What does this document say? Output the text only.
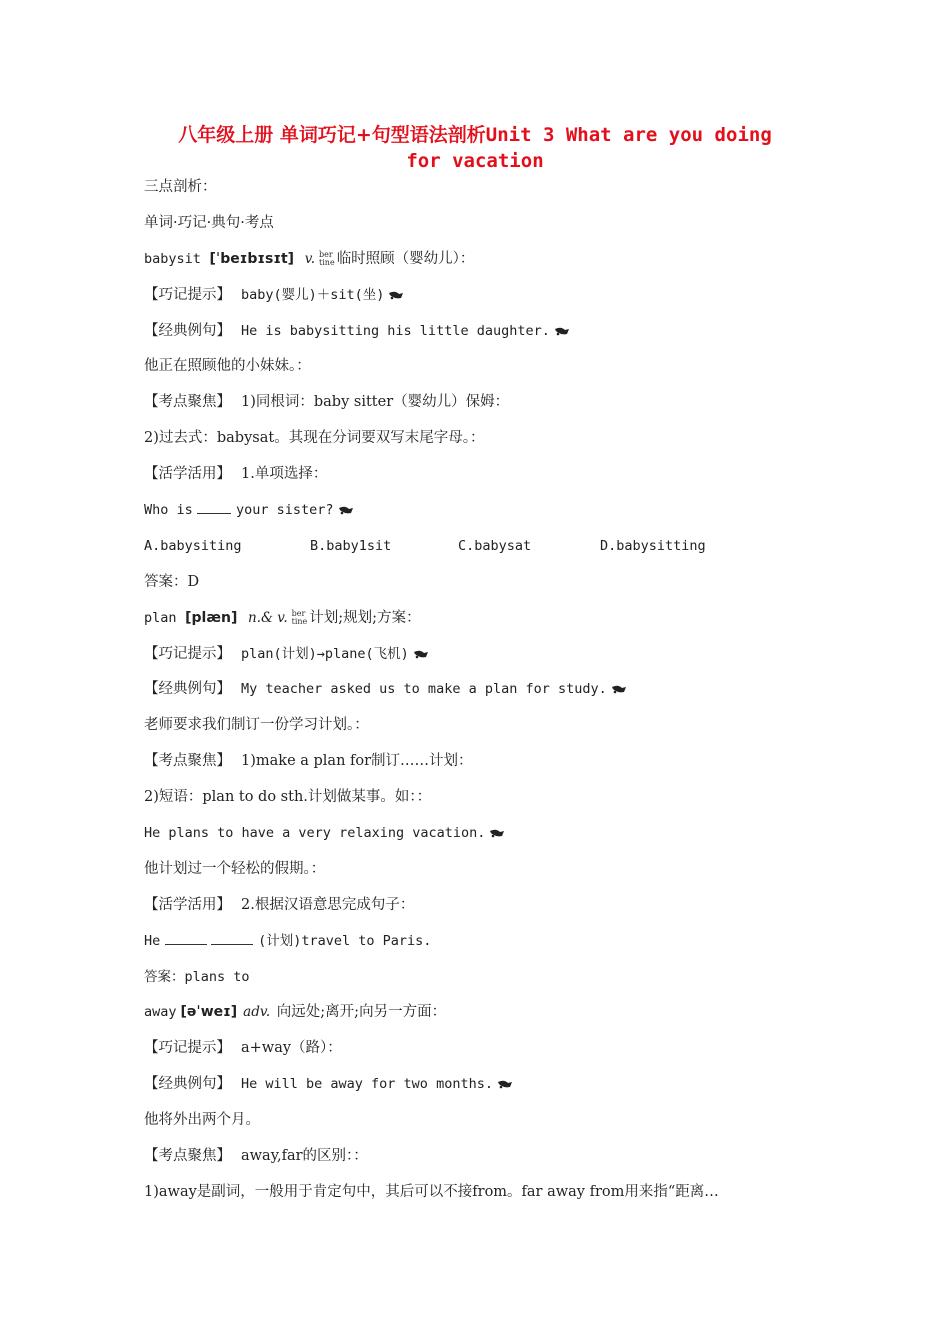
八年级上册 单词巧记+句型语法剖析Unit 3 What are you doing
for vacation
三点剖析：
单词·巧记·典句·考点
babysit [ˈbeɪbɪsɪt] v. ber
tine 临时照顾（婴幼儿）：
【巧记提示】 baby(婴儿)＋sit(坐)
【经典例句】 He is babysitting his little daughter.
他正在照顾他的小妹妹。：
【考点聚焦】 1)同根词：baby sitter（婴幼儿）保姆：
2)过去式：babysat。其现在分词要双写末尾字母。：
【活学活用】 1.单项选择：
Who is	your sister?
A.babysiting	B.baby1sit	C.babysat	D.babysitting
答案：D
plan [plæn] n.& v. ber
tine 计划;规划;方案：
【巧记提示】 plan(计划)→plane(飞机)
【经典例句】 My teacher asked us to make a plan for study.
老师要求我们制订一份学习计划。：
【考点聚焦】 1)make a plan for制订……计划：
2)短语：plan to do sth.计划做某事。如：：
He plans to have a very relaxing vacation.
他计划过一个轻松的假期。：
【活学活用】 2.根据汉语意思完成句子：
He	(计划)travel to Paris.
答案：plans to
away [əˈweɪ] adv. 向远处;离开;向另一方面：
【巧记提示】 a+way（路）：
【经典例句】 He will be away for two months.
他将外出两个月。
【考点聚焦】 away,far的区别：：
1)away是副词，一般用于肯定句中，其后可以不接from。far away from用来指“距离…
